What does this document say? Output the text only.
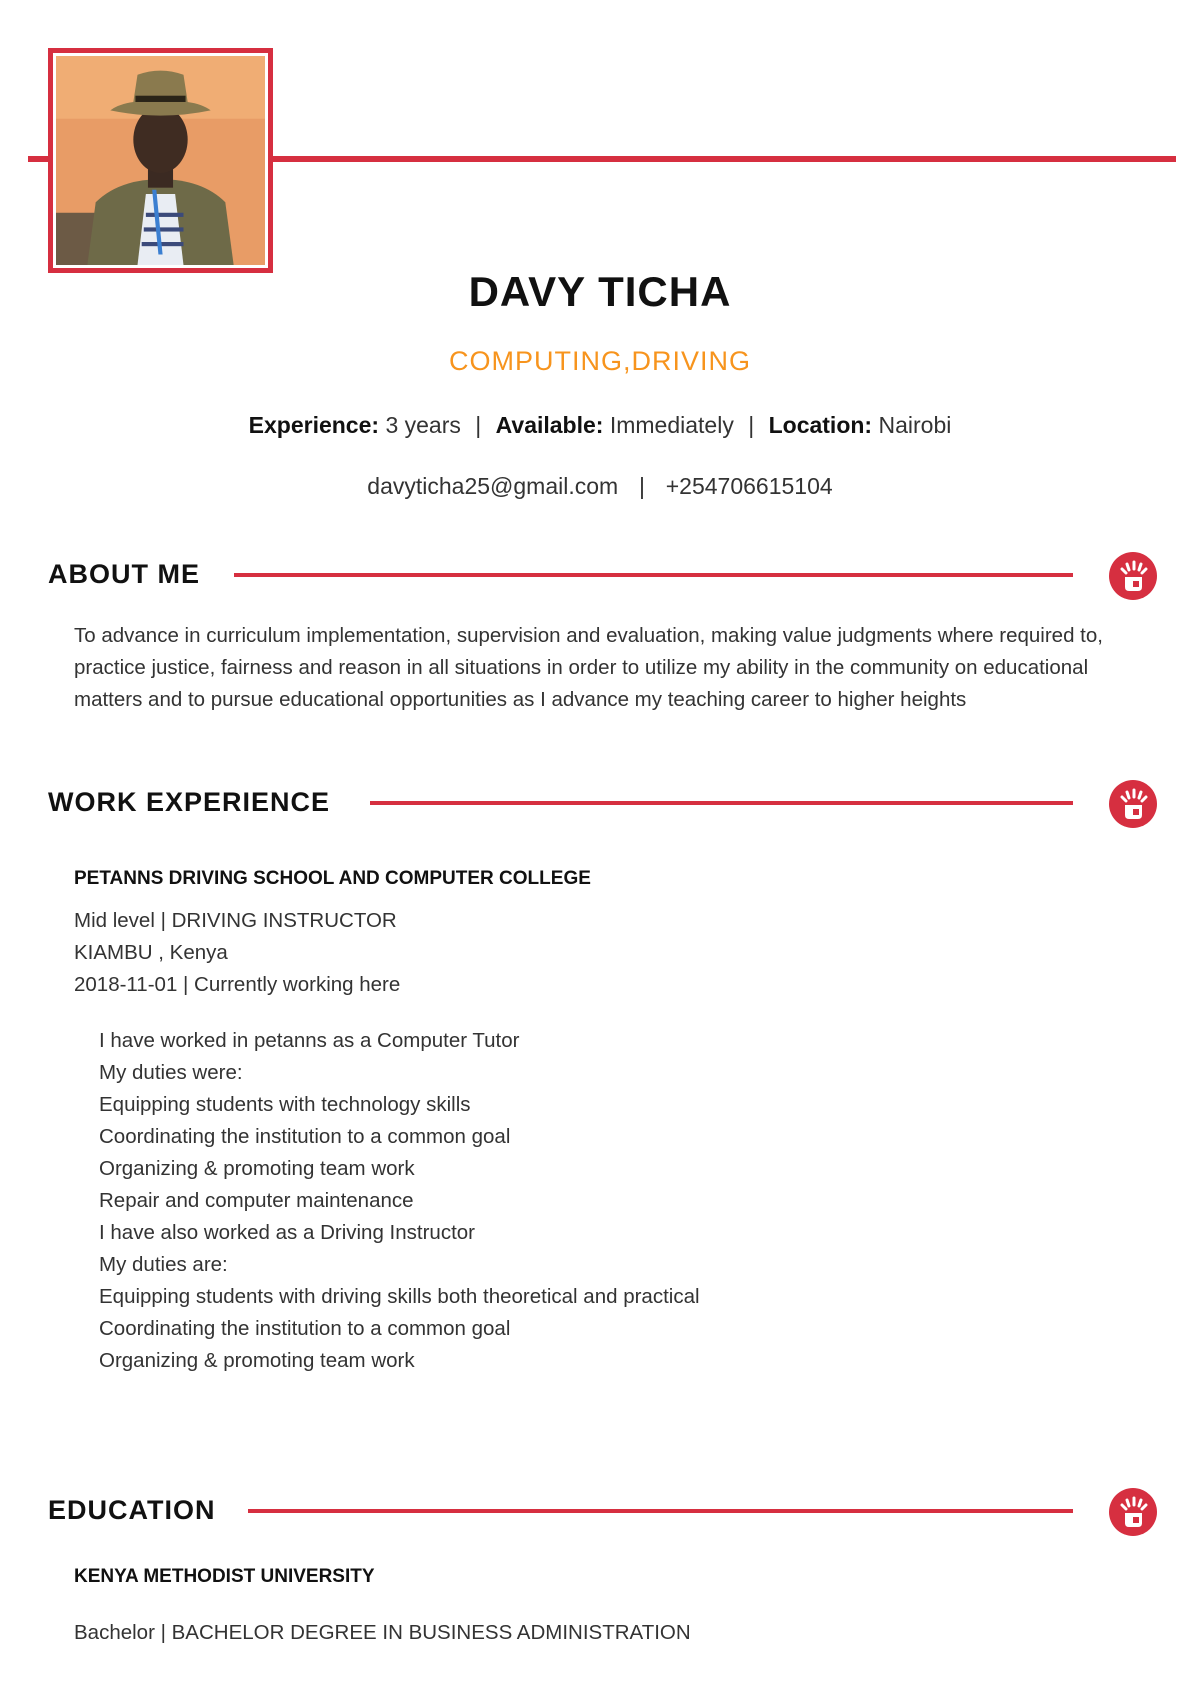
DAVY TICHA
COMPUTING,DRIVING
Experience: 3 years | Available: Immediately | Location: Nairobi
davyticha25@gmail.com  |  +254706615104
ABOUT ME
To advance in curriculum implementation, supervision and evaluation, making value judgments where required to, practice justice, fairness and reason in all situations in order to utilize my ability in the community on educational matters and to pursue educational opportunities as I advance my teaching career to higher heights
WORK EXPERIENCE
PETANNS DRIVING SCHOOL AND COMPUTER COLLEGE
Mid level | DRIVING INSTRUCTOR
KIAMBU , Kenya
2018-11-01 | Currently working here
I have worked in petanns as a Computer Tutor
My duties were:
Equipping students with technology skills
Coordinating the institution to a common goal
Organizing & promoting team work
Repair and computer maintenance
I have also worked as a Driving Instructor
My duties are:
Equipping students with driving skills both theoretical and practical
Coordinating the institution to a common goal
Organizing & promoting team work
EDUCATION
KENYA METHODIST UNIVERSITY
Bachelor | BACHELOR DEGREE IN BUSINESS ADMINISTRATION
